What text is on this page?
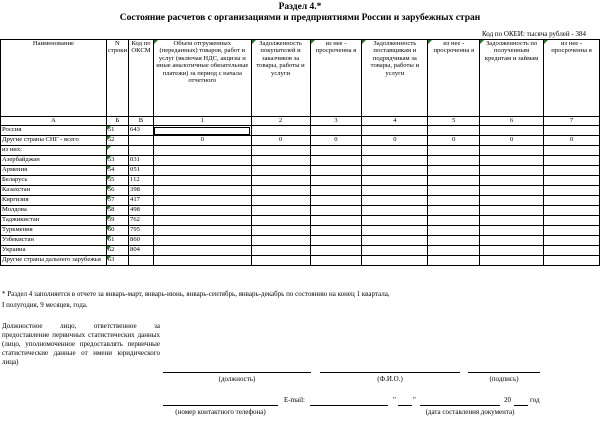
Раздел 4.*
Состояние расчетов с организациями и предприятиями России и зарубежных стран
Код по ОКЕИ: тысяча рублей - 384
Наименование	N строки	Код по ОКСМ	Объем отгруженных (переданных) товаров, работ и услуг (включая НДС, акцизы и иные аналогичные обязательные платежи) за период с начала отчетного	Задолженность покупателей и заказчиков за товары, работы и услуги	из нее - просроченна я	Задолженность поставщикам и подрядчикам за товары, работы и услуги	из нее - просроченна я	Задолженность по полученным кредитам и займам	из нее - просроченна я
А	Б	В	1	2	3	4	5	6	7
Россия	51	643							
Другие страны СНГ - всего	52		0	0	0	0	0	0	0
из них:									
Азербайджан	53	031							
Армения	54	051							
Беларусь	55	112							
Казахстан	56	398							
Киргизия	57	417							
Молдова	58	498							
Таджикистан	59	762							
Туркмения	60	795							
Узбекистан	61	860							
Украина	62	804							
Другие страны дальнего зарубежья	63								
* Раздел 4 заполняется в отчете за январь-март, январь-июнь, январь-сентябрь, январь-декабрь по состоянию на конец 1 квартала,
I полугодия, 9 месяцев, года.
Должностное лицо, ответственное за предоставление первичных статистических данных (лицо, уполномоченное предоставлять первичные статистические данные от имени юридического лица)
(должность)	(Ф.И.О.)	(подпись)
E-mail:	" "	20	год
(номер контактного телефона)	(дата составления документа)
